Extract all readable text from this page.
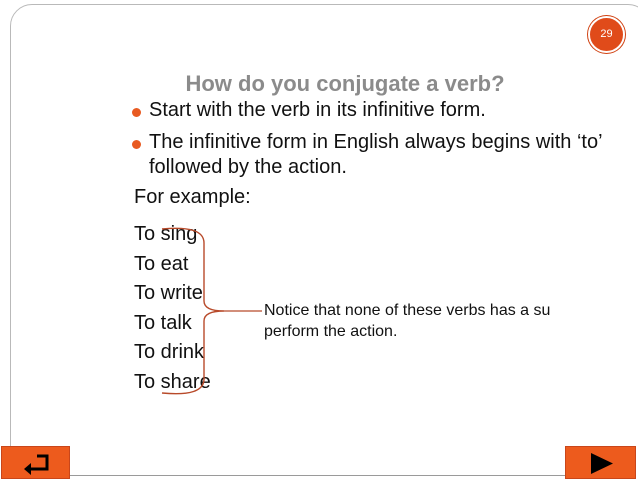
29
How do you conjugate a verb?
Start with the verb in its infinitive form.
The infinitive form in English always begins with ‘to’ followed by the action.

For example:

To sing
To eat
To write
To talk
To drink
To share

Notice that none of these verbs has a su
perform the action.
